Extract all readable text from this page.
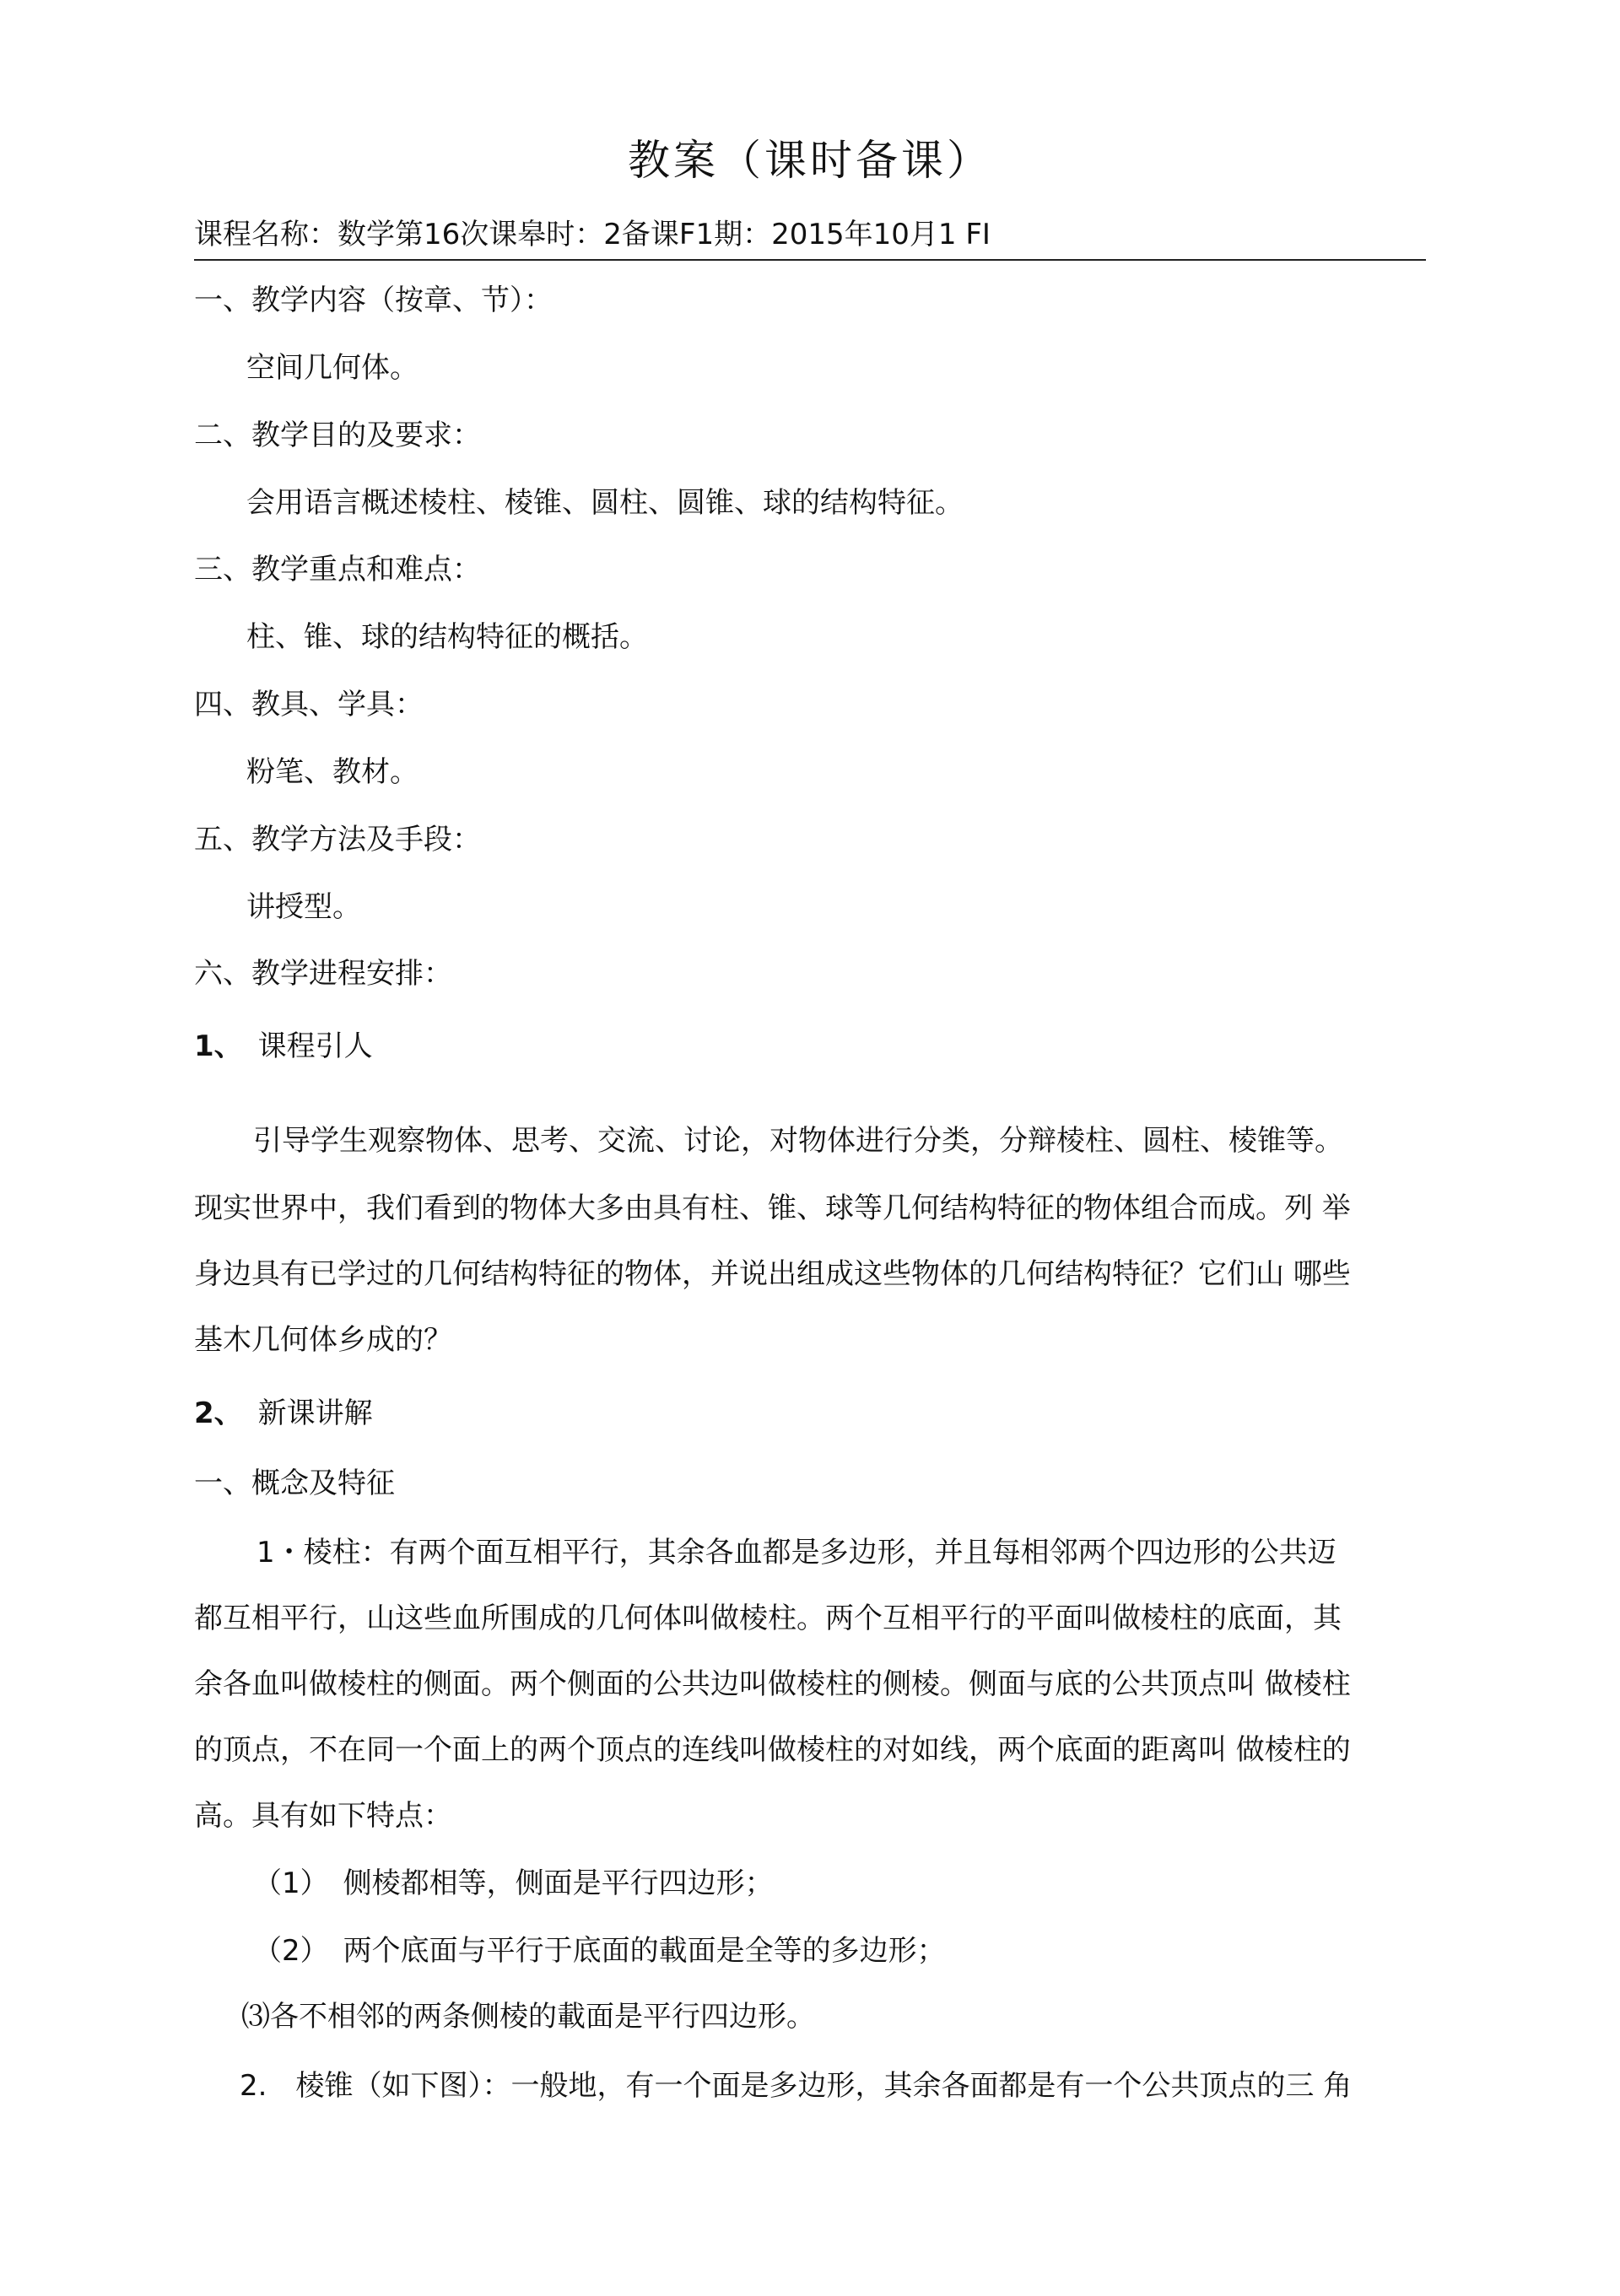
教案（课时备课）
课程名称：数学第16次课皋时：2备课F1期：2015年10月1 FI
一、教学内容（按章、节）：
空间几何体。
二、教学目的及要求：
会用语言概述棱柱、棱锥、圆柱、圆锥、球的结构特征。
三、教学重点和难点：
柱、锥、球的结构特征的概括。
四、教具、学具：
粉笔、教材。
五、教学方法及手段：
讲授型。
六、教学进程安排：
1、 课程引人
引导学生观察物体、思考、交流、讨论，对物体进行分类，分辩棱柱、圆柱、棱锥等。
现实世界中，我们看到的物体大多由具有柱、锥、球等几何结构特征的物体组合而成。列 举
身边具有已学过的几何结构特征的物体，并说出组成这些物体的几何结构特征？它们山 哪些
基木几何体乡成的？
2、 新课讲解
一、概念及特征
1・棱柱：有两个面互相平行，其余各血都是多边形，并且每相邻两个四边形的公共迈
都互相平行，山这些血所围成的几何体叫做棱柱。两个互相平行的平面叫做棱柱的底面，其
余各血叫做棱柱的侧面。两个侧面的公共边叫做棱柱的侧棱。侧面与底的公共顶点叫 做棱柱
的顶点，不在同一个面上的两个顶点的连线叫做棱柱的对如线，两个底面的距离叫 做棱柱的
高。具有如下特点：
（1）　侧棱都相等，侧面是平行四边形；
（2）　两个底面与平行于底面的載面是全等的多边形；
⑶各不相邻的两条侧棱的載面是平行四边形。
2.　棱锥（如下图）：一般地，有一个面是多边形，其余各面都是有一个公共顶点的三 角
